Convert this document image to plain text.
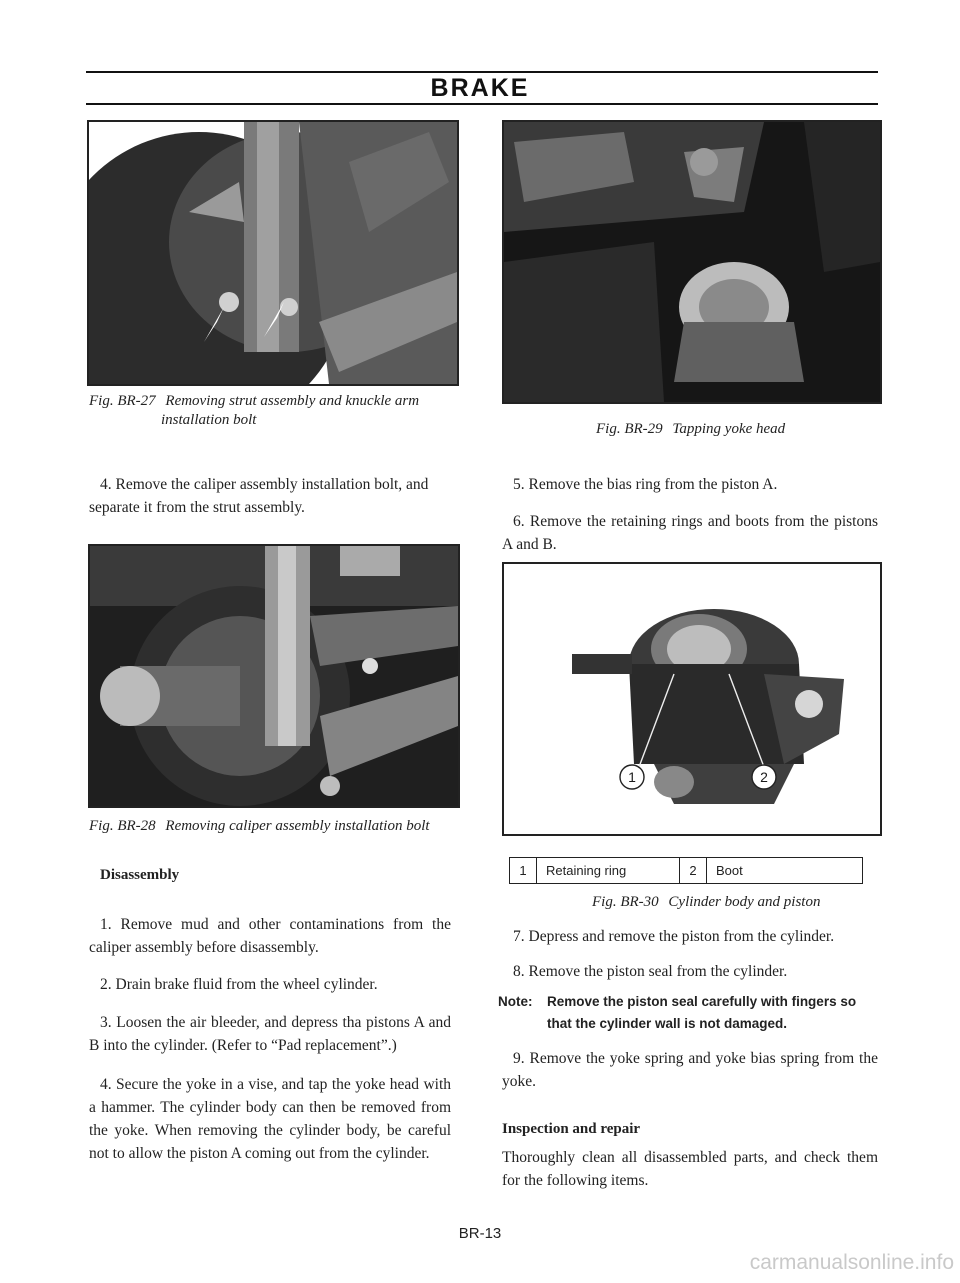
BRAKE
Fig. BR-27 Removing strut assembly and knuckle arm
installation bolt
4. Remove the caliper assembly installation bolt, and
separate it from the strut assembly.
Fig. BR-28 Removing caliper assembly installation bolt
Disassembly
1. Remove mud and other contaminations from the caliper assembly before disassembly.
2. Drain brake fluid from the wheel cylinder.
3. Loosen the air bleeder, and depress tha pistons A and B into the cylinder. (Refer to “Pad replacement”.)
4. Secure the yoke in a vise, and tap the yoke head with a hammer. The cylinder body can then be removed from the yoke. When removing the cylinder body, be careful not to allow the piston A coming out from the cylinder.
Fig. BR-29 Tapping yoke head
5. Remove the bias ring from the piston A.
6. Remove the retaining rings and boots from the pistons A and B.
1	2
1	Retaining ring	2	Boot
Fig. BR-30 Cylinder body and piston
7. Depress and remove the piston from the cylinder.
8. Remove the piston seal from the cylinder.
Note: Remove the piston seal carefully with fingers so
that the cylinder wall is not damaged.
9. Remove the yoke spring and yoke bias spring from the yoke.
Inspection and repair
Thoroughly clean all disassembled parts, and check them for the following items.
BR-13
carmanualsonline.info
